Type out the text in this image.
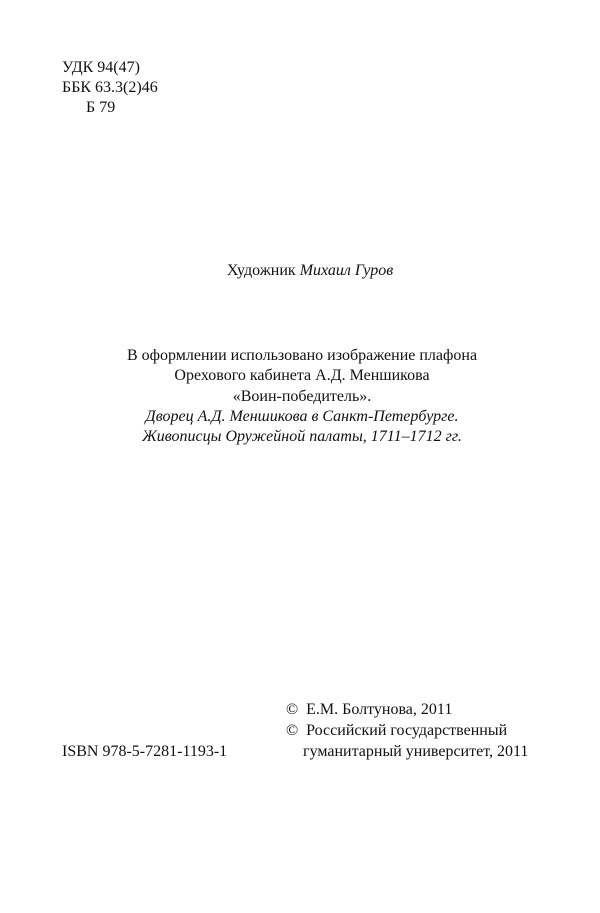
УДК 94(47)
ББК 63.3(2)46
Б 79
Художник Михаил Гуров
В оформлении использовано изображение плафона
Орехового кабинета А.Д. Меншикова
«Воин-победитель».
Дворец А.Д. Меншикова в Санкт-Петербурге.
Живописцы Оружейной палаты, 1711–1712 гг.
© Е.М. Болтунова, 2011
© Российский государственный
гуманитарный университет, 2011
ISBN 978-5-7281-1193-1
